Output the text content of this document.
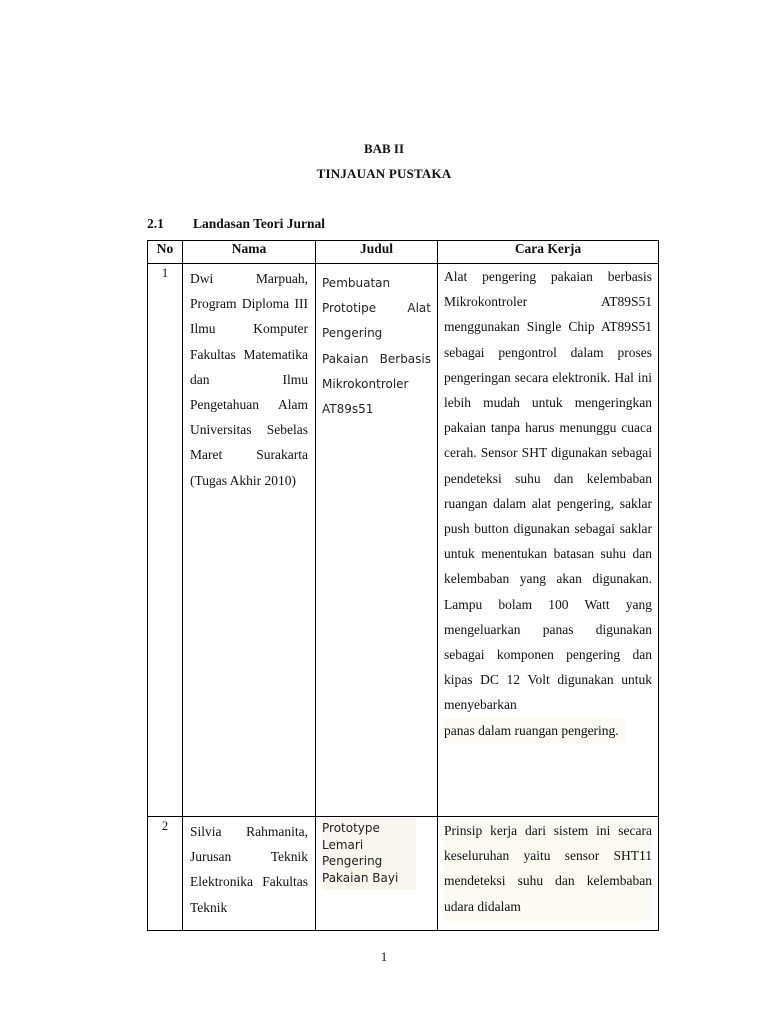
BAB II
TINJAUAN PUSTAKA
2.1 Landasan Teori Jurnal
No	Nama	Judul	Cara Kerja
1	Dwi Marpuah, Program Diploma III Ilmu Komputer Fakultas Matematika dan Ilmu Pengetahuan Alam Universitas Sebelas Maret Surakarta (Tugas Akhir 2010)	Pembuatan Prototipe Alat Pengering Pakaian Berbasis Mikrokontroler AT89s51	Alat pengering pakaian berbasis Mikrokontroler AT89S51 menggunakan Single Chip AT89S51 sebagai pengontrol dalam proses pengeringan secara elektronik. Hal ini lebih mudah untuk mengeringkan pakaian tanpa harus menunggu cuaca cerah. Sensor SHT digunakan sebagai pendeteksi suhu dan kelembaban ruangan dalam alat pengering, saklar push button digunakan sebagai saklar untuk menentukan batasan suhu dan kelembaban yang akan digunakan. Lampu bolam 100 Watt yang mengeluarkan panas digunakan sebagai komponen pengering dan kipas DC 12 Volt digunakan untuk menyebarkan
panas dalam ruangan pengering.

2	Silvia Rahmanita, Jurusan Teknik Elektronika Fakultas Teknik	Prototype Lemari Pengering Pakaian Bayi	Prinsip kerja dari sistem ini secara keseluruhan yaitu sensor SHT11 mendeteksi suhu dan kelembaban udara didalam
1
